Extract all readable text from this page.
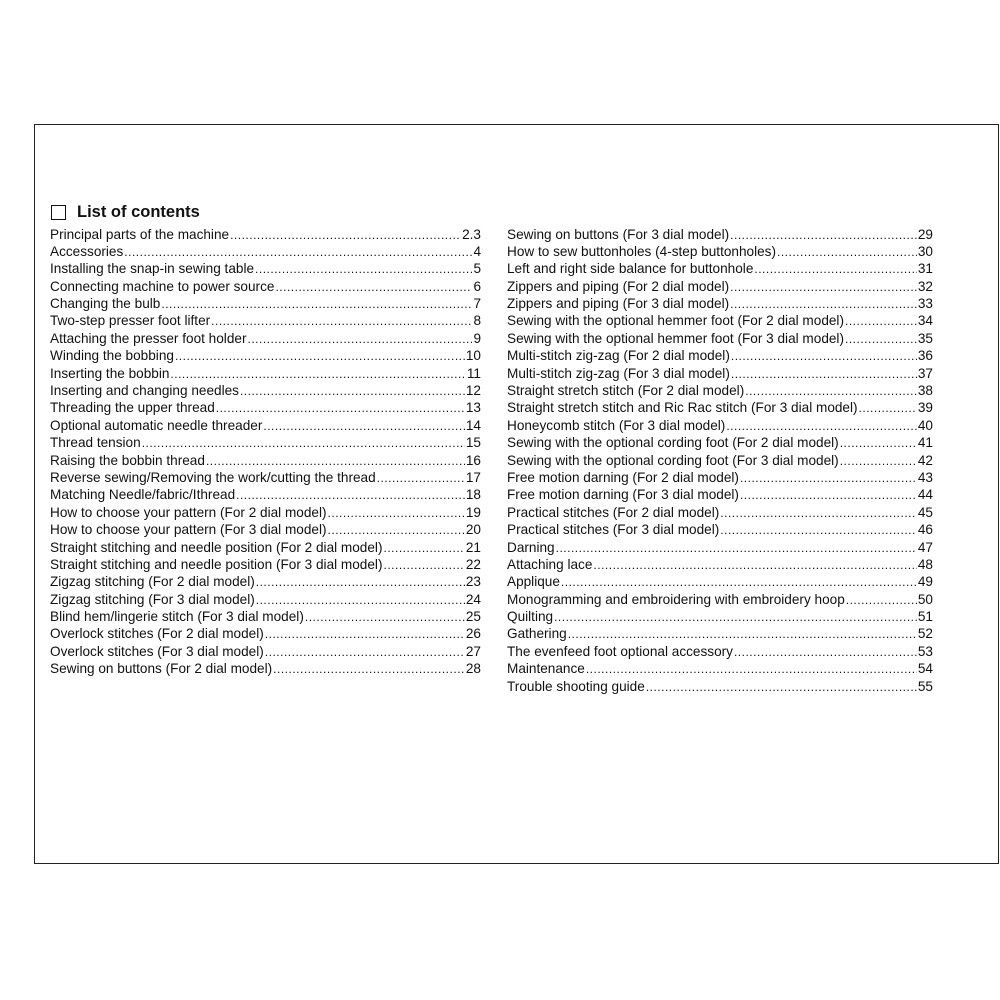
List of contents
Principal parts of the machine .....	2.3
Accessories .....	4
Installing the snap-in sewing table .....	5
Connecting machine to power source .....	6
Changing the bulb .....	7
Two-step presser foot lifter .....	8
Attaching the presser foot holder .....	9
Winding the bobbing .....	10
Inserting the bobbin .....	11
Inserting and changing needles .....	12
Threading the upper thread .....	13
Optional automatic needle threader .....	14
Thread tension .....	15
Raising the bobbin thread .....	16
Reverse sewing/Removing the work/cutting the thread .....	17
Matching Needle/fabric/Ithread .....	18
How to choose your pattern (For 2 dial model) .....	19
How to choose your pattern (For 3 dial model) .....	20
Straight stitching and needle position (For 2 dial model) .....	21
Straight stitching and needle position (For 3 dial model) .....	22
Zigzag stitching (For 2 dial model) .....	23
Zigzag stitching (For 3 dial model) .....	24
Blind hem/lingerie stitch (For 3 dial model) .....	25
Overlock stitches (For 2 dial model) .....	26
Overlock stitches (For 3 dial model) .....	27
Sewing on buttons (For 2 dial model) .....	28
Sewing on buttons (For 3 dial model) .....	29
How to sew buttonholes (4-step buttonholes) .....	30
Left and right side balance for buttonhole .....	31
Zippers and piping (For 2 dial model) .....	32
Zippers and piping (For 3 dial model) .....	33
Sewing with the optional hemmer foot (For 2 dial model) .....	34
Sewing with the optional hemmer foot (For 3 dial model) .....	35
Multi-stitch zig-zag (For 2 dial model) .....	36
Multi-stitch zig-zag (For 3 dial model) .....	37
Straight stretch stitch (For 2 dial model) .....	38
Straight stretch stitch and Ric Rac stitch (For 3 dial model) .....	39
Honeycomb stitch (For 3 dial model) .....	40
Sewing with the optional cording foot (For 2 dial model) .....	41
Sewing with the optional cording foot (For 3 dial model) .....	42
Free motion darning (For 2 dial model) .....	43
Free motion darning (For 3 dial model) .....	44
Practical stitches (For 2 dial model) .....	45
Practical stitches (For 3 dial model) .....	46
Darning .....	47
Attaching lace .....	48
Applique .....	49
Monogramming and embroidering with embroidery hoop .....	50
Quilting .....	51
Gathering .....	52
The evenfeed foot optional accessory .....	53
Maintenance .....	54
Trouble shooting guide .....	55
